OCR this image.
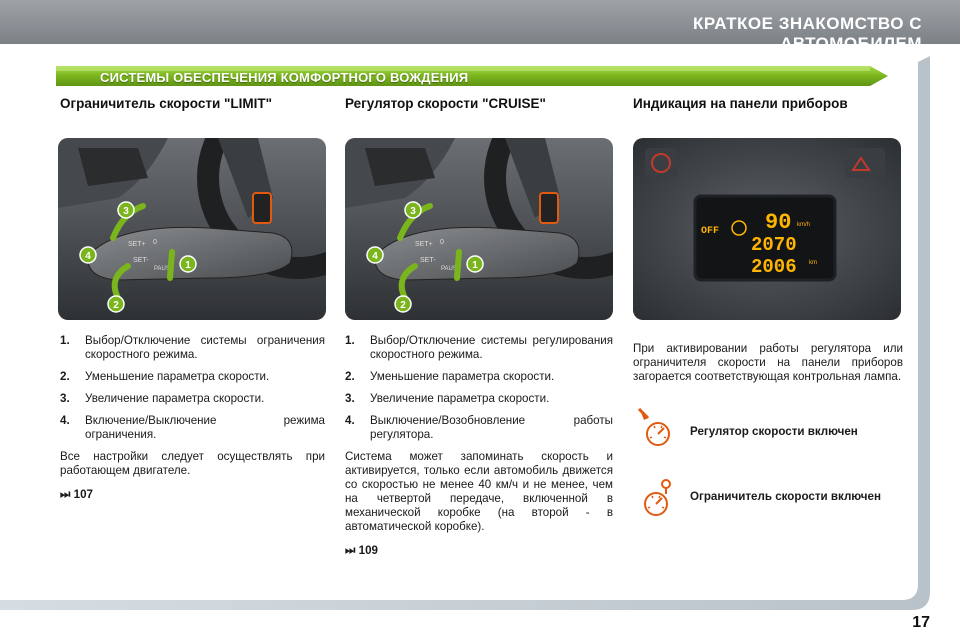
КРАТКОЕ ЗНАКОМСТВО С АВТОМОБИЛЕМ
СИСТЕМЫ ОБЕСПЕЧЕНИЯ КОМФОРТНОГО ВОЖДЕНИЯ
Ограничитель скорости "LIMIT"	Регулятор скорости "CRUISE"	Индикация на панели приборов
SET+
SET-
0
PAUSE
3
4
1
2
SET+
SET-
0
PAUSE
3
4
1
2
OFF 90 km/h
2070
2006 km
1.	Выбор/Отключение системы ограничения скоростного режима.
2.	Уменьшение параметра скорости.
3.	Увеличение параметра скорости.
4.	Включение/Выключение режима ограничения.
Все настройки следует осуществлять при работающем двигателе.
⏭ 107
1.	Выбор/Отключение системы регулирования скоростного режима.
2.	Уменьшение параметра скорости.
3.	Увеличение параметра скорости.
4.	Выключение/Возобновление работы регулятора.
Система может запоминать скорость и активируется, только если автомобиль движется со скоростью не менее 40 км/ч и не менее, чем на четвертой передаче, включенной в механической коробке (на второй - в автоматической коробке).
⏭ 109
При активировании работы регулятора или ограничителя скорости на панели приборов загорается соответствующая контрольная лампа.
Регулятор скорости включен
Ограничитель скорости включен
17
